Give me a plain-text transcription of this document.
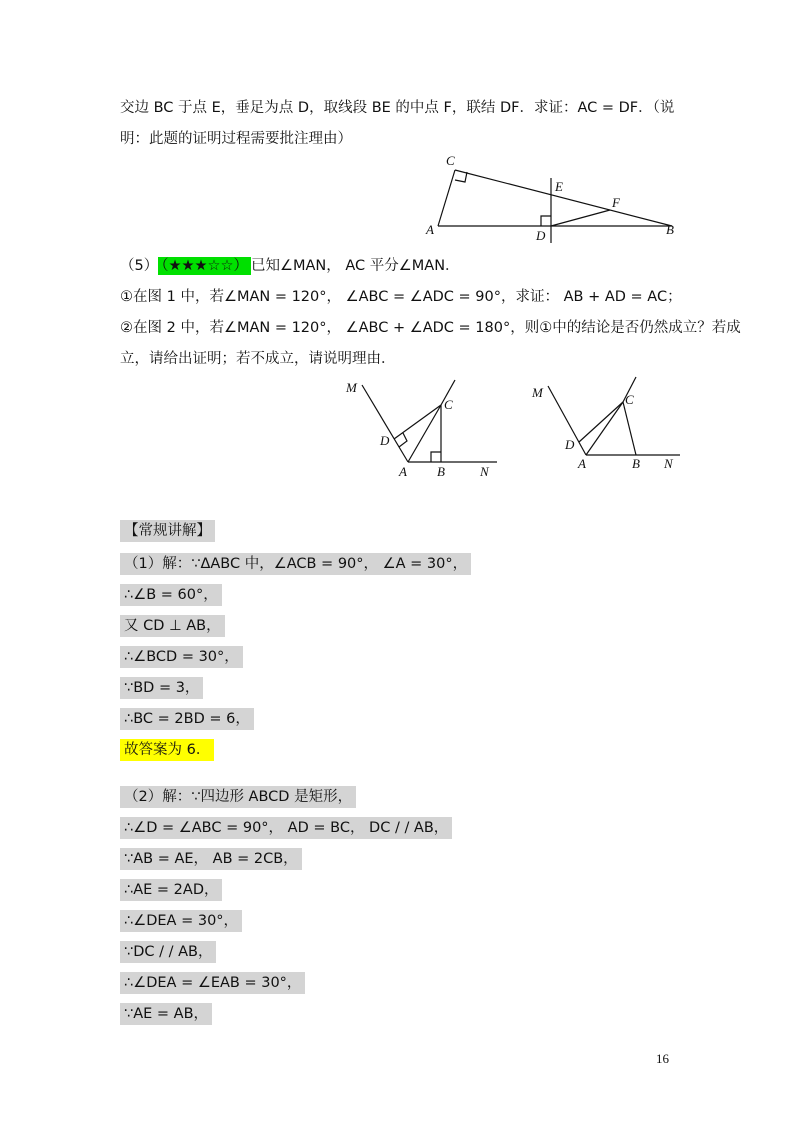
交边 BC 于点 E，垂足为点 D，取线段 BE 的中点 F，联结 DF．求证：AC = DF．（说
明：此题的证明过程需要批注理由）
C
E
F
A	D	B
（5） （★★★☆☆） 已知∠MAN， AC 平分∠MAN．
①在图 1 中，若∠MAN = 120°， ∠ABC = ∠ADC = 90°，求证： AB + AD = AC；
②在图 2 中，若∠MAN = 120°， ∠ABC + ∠ADC = 180°，则①中的结论是否仍然成立？若成
立，请给出证明；若不成立，请说明理由．
M
C
D
A B	N
M	C
D
A	B N
【常规讲解】
（1）解：∵ΔABC 中，∠ACB = 90°， ∠A = 30°，
∴∠B = 60°，
又 CD ⊥ AB，
∴∠BCD = 30°，
∵BD = 3，
∴BC = 2BD = 6，
故答案为 6．
（2）解：∵四边形 ABCD 是矩形，
∴∠D = ∠ABC = 90°， AD = BC， DC / / AB，
∵AB = AE， AB = 2CB，
∴AE = 2AD，
∴∠DEA = 30°，
∵DC / / AB，
∴∠DEA = ∠EAB = 30°，
∵AE = AB，
16
